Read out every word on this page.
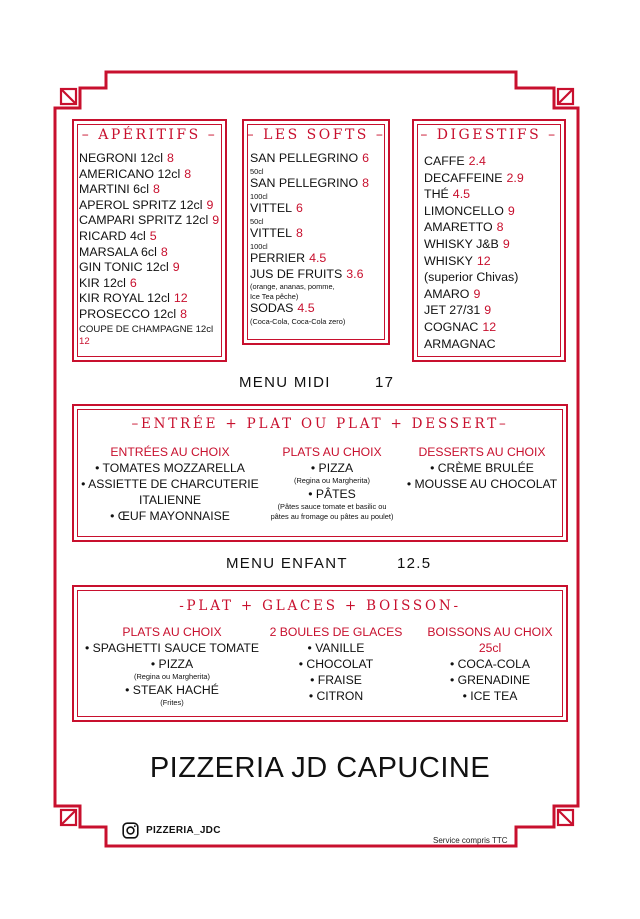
– APÉRITIFS –
NEGRONI 12cl 8
AMERICANO 12cl 8
MARTINI 6cl 8
APEROL SPRITZ 12cl 9
CAMPARI SPRITZ 12cl 9
RICARD 4cl 5
MARSALA 6cl 8
GIN TONIC 12cl 9
KIR 12cl 6
KIR ROYAL 12cl 12
PROSECCO 12cl 8
COUPE DE CHAMPAGNE 12cl
12
– LES SOFTS –
SAN PELLEGRINO 6
50cl
SAN PELLEGRINO 8
100cl
VITTEL 6
50cl
VITTEL 8
100cl
PERRIER 4.5
JUS DE FRUITS 3.6
(orange, ananas, pomme,
Ice Tea pêche)
SODAS 4.5
(Coca-Cola, Coca-Cola zero)
– DIGESTIFS –
CAFFE 2.4
DECAFFEINE 2.9
THÉ 4.5
LIMONCELLO 9
AMARETTO 8
WHISKY J&B 9
WHISKY 12
(superior Chivas)
AMARO 9
JET 27/31 9
COGNAC 12
ARMAGNAC
MENU MIDI	17
–ENTRÉE + PLAT OU PLAT + DESSERT–
ENTRÉES AU CHOIX
• TOMATES MOZZARELLA
• ASSIETTE DE CHARCUTERIE
ITALIENNE
• ŒUF MAYONNAISE
PLATS AU CHOIX
• PIZZA
(Regina ou Margherita)
• PÂTES
(Pâtes sauce tomate et basilic ou
pâtes au fromage ou pâtes au poulet)
DESSERTS AU CHOIX
• CRÈME BRULÉE
• MOUSSE AU CHOCOLAT
MENU ENFANT	12.5
-PLAT + GLACES + BOISSON-
PLATS AU CHOIX
• SPAGHETTI SAUCE TOMATE
• PIZZA
(Regina ou Margherita)
• STEAK HACHÉ
(Frites)
2 BOULES DE GLACES
• VANILLE
• CHOCOLAT
• FRAISE
• CITRON
BOISSONS AU CHOIX
25cl
• COCA-COLA
• GRENADINE
• ICE TEA
PIZZERIA JD CAPUCINE
PIZZERIA_JDC
Service compris TTC
